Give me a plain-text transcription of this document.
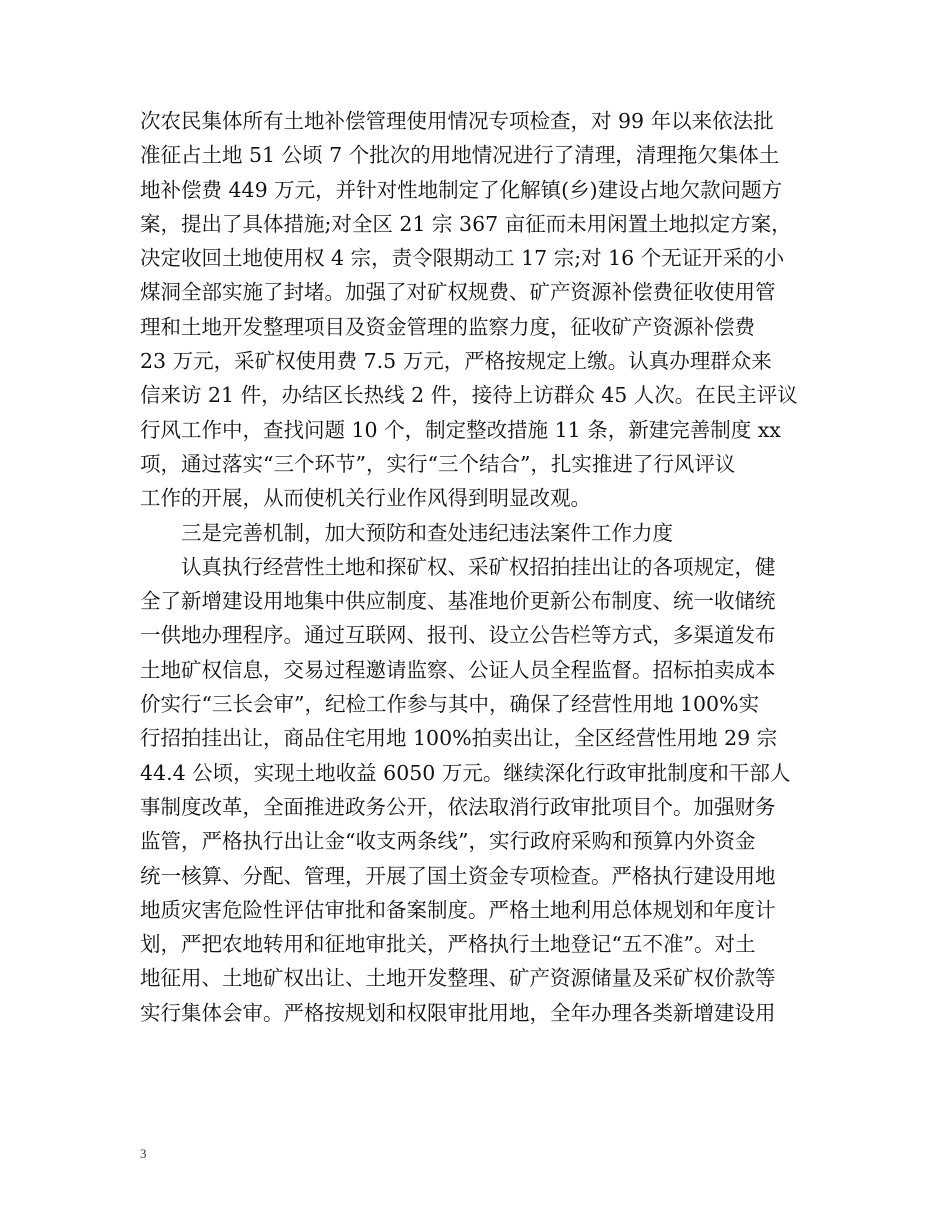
次农民集体所有土地补偿管理使用情况专项检查，对 99 年以来依法批
准征占土地 51 公顷 7 个批次的用地情况进行了清理，清理拖欠集体土
地补偿费 449 万元，并针对性地制定了化解镇(乡)建设占地欠款问题方
案，提出了具体措施;对全区 21 宗 367 亩征而未用闲置土地拟定方案，
决定收回土地使用权 4 宗，责令限期动工 17 宗;对 16 个无证开采的小
煤洞全部实施了封堵。加强了对矿权规费、矿产资源补偿费征收使用管
理和土地开发整理项目及资金管理的监察力度，征收矿产资源补偿费
23 万元，采矿权使用费 7.5 万元，严格按规定上缴。认真办理群众来
信来访 21 件，办结区长热线 2 件，接待上访群众 45 人次。在民主评议
行风工作中，查找问题 10 个，制定整改措施 11 条，新建完善制度 xx
项，通过落实“三个环节”，实行“三个结合”，扎实推进了行风评议
工作的开展，从而使机关行业作风得到明显改观。
　　三是完善机制，加大预防和查处违纪违法案件工作力度
　　认真执行经营性土地和探矿权、采矿权招拍挂出让的各项规定，健
全了新增建设用地集中供应制度、基准地价更新公布制度、统一收储统
一供地办理程序。通过互联网、报刊、设立公告栏等方式，多渠道发布
土地矿权信息，交易过程邀请监察、公证人员全程监督。招标拍卖成本
价实行“三长会审”，纪检工作参与其中，确保了经营性用地 100%实
行招拍挂出让，商品住宅用地 100%拍卖出让，全区经营性用地 29 宗
44.4 公顷，实现土地收益 6050 万元。继续深化行政审批制度和干部人
事制度改革，全面推进政务公开，依法取消行政审批项目个。加强财务
监管，严格执行出让金“收支两条线”，实行政府采购和预算内外资金
统一核算、分配、管理，开展了国土资金专项检查。严格执行建设用地
地质灾害危险性评估审批和备案制度。严格土地利用总体规划和年度计
划，严把农地转用和征地审批关，严格执行土地登记“五不准”。对土
地征用、土地矿权出让、土地开发整理、矿产资源储量及采矿权价款等
实行集体会审。严格按规划和权限审批用地，全年办理各类新增建设用
3
